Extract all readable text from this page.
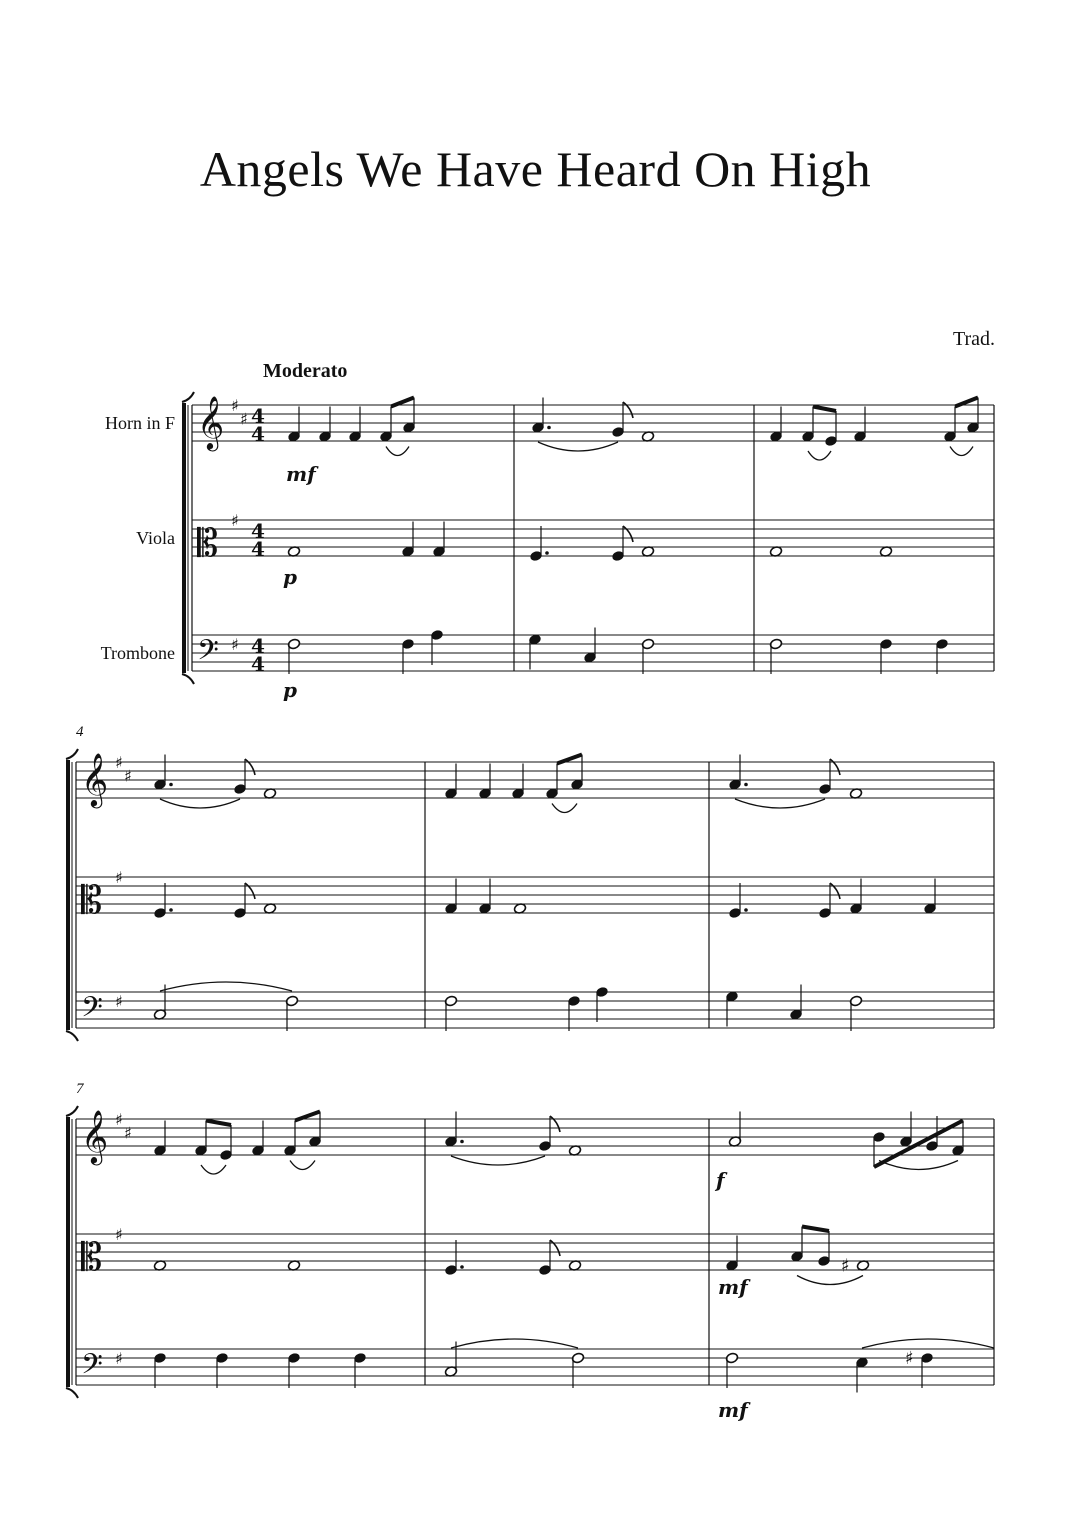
Angels We Have Heard On High
Trad.
Moderato
Horn in F
Viola
Trombone
4
7
𝄞
𝄡
𝄢
♯
♯
♯
♯
4
4
4
4
4
4
𝄞
𝄡
𝄢
♯
♯
♯
♯
𝄞
𝄡
𝄢
♯
♯
♯
♯
mf
p
p
♯
♯
f
mf
mf
